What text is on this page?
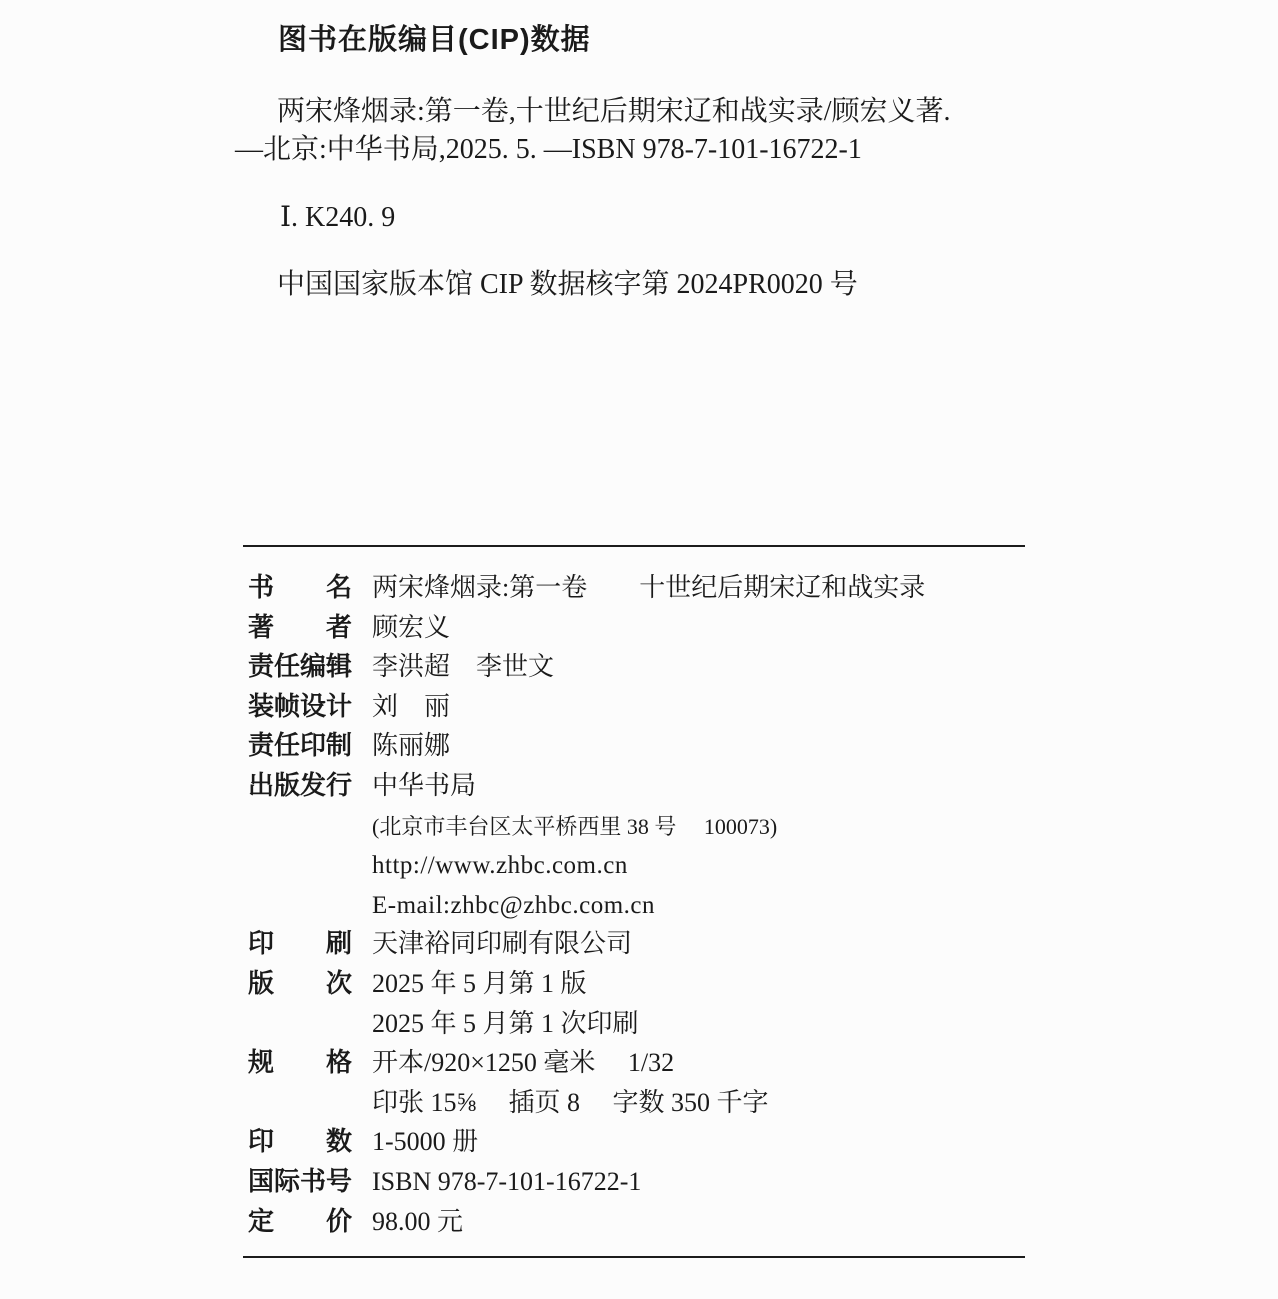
图书在版编目(CIP)数据
两宋烽烟录:第一卷,十世纪后期宋辽和战实录/顾宏义著.
—北京:中华书局,2025. 5. —ISBN 978-7-101-16722-1
Ⅰ. K240. 9
中国国家版本馆 CIP 数据核字第 2024PR0020 号
书　　名 两宋烽烟录:第一卷　　十世纪后期宋辽和战实录
著　　者 顾宏义
责任编辑 李洪超　李世文
装帧设计 刘　丽
责任印制 陈丽娜
出版发行 中华书局
(北京市丰台区太平桥西里 38 号　 100073)
http://www.zhbc.com.cn
E-mail:zhbc@zhbc.com.cn
印　　刷 天津裕同印刷有限公司
版　　次 2025 年 5 月第 1 版
2025 年 5 月第 1 次印刷
规　　格 开本/920×1250 毫米　 1/32
印张 15⅝　 插页 8　 字数 350 千字
印　　数 1-5000 册
国际书号 ISBN 978-7-101-16722-1
定　　价 98.00 元
